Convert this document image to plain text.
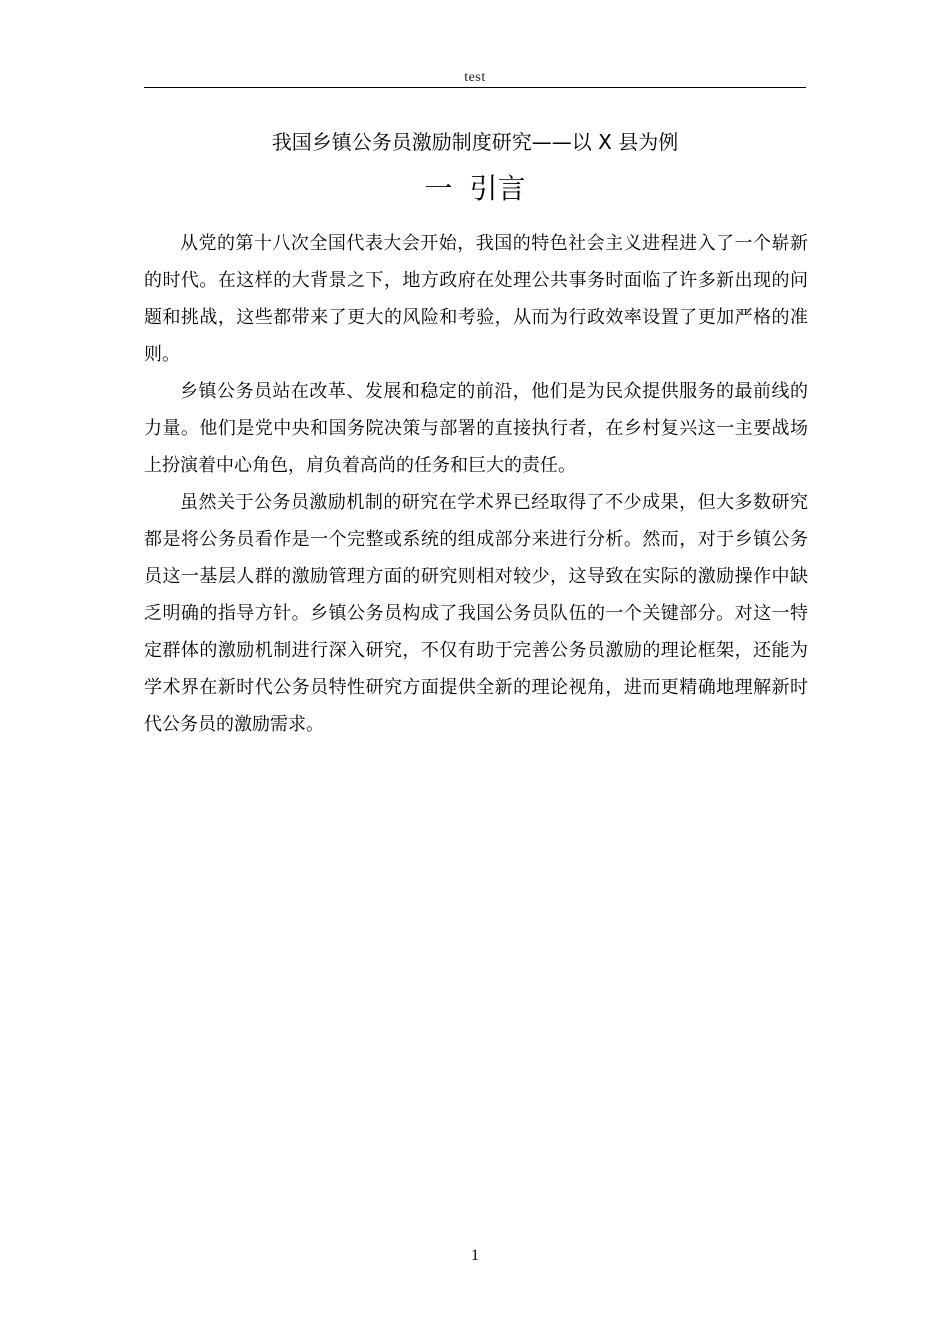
test
我国乡镇公务员激励制度研究——以 X 县为例
一 引言

从党的第十八次全国代表大会开始，我国的特色社会主义进程进入了一个崭新的时代。在这样的大背景之下，地方政府在处理公共事务时面临了许多新出现的问题和挑战，这些都带来了更大的风险和考验，从而为行政效率设置了更加严格的准则。

乡镇公务员站在改革、发展和稳定的前沿，他们是为民众提供服务的最前线的力量。他们是党中央和国务院决策与部署的直接执行者，在乡村复兴这一主要战场上扮演着中心角色，肩负着高尚的任务和巨大的责任。

虽然关于公务员激励机制的研究在学术界已经取得了不少成果，但大多数研究都是将公务员看作是一个完整或系统的组成部分来进行分析。然而，对于乡镇公务员这一基层人群的激励管理方面的研究则相对较少，这导致在实际的激励操作中缺乏明确的指导方针。乡镇公务员构成了我国公务员队伍的一个关键部分。对这一特定群体的激励机制进行深入研究，不仅有助于完善公务员激励的理论框架，还能为学术界在新时代公务员特性研究方面提供全新的理论视角，进而更精确地理解新时代公务员的激励需求。

1
